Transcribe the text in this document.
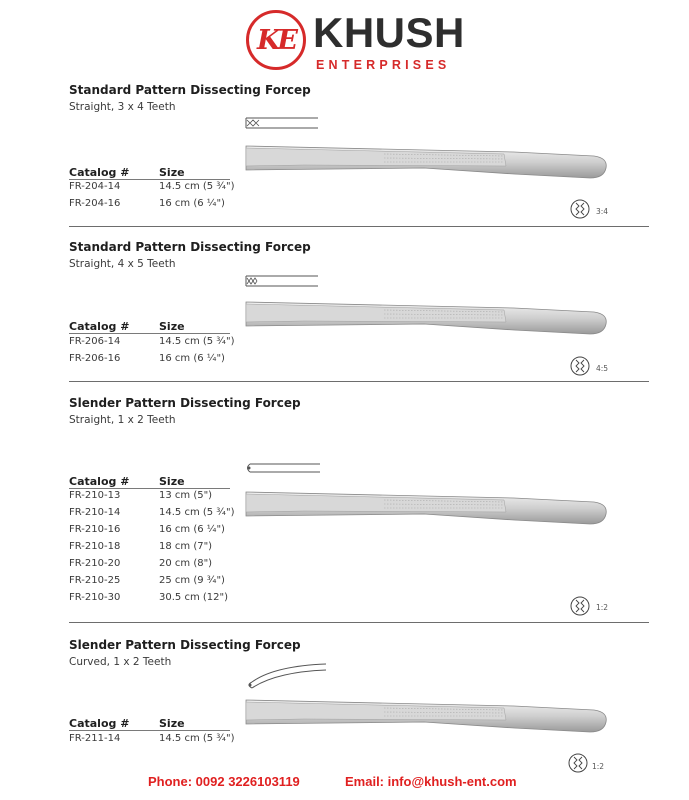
KE KHUSH
ENTERPRISES
Standard Pattern Dissecting Forcep
Straight, 3 x 4 Teeth
Catalog #	Size
FR-204-14	14.5 cm (5 ¾")
FR-204-16	16 cm (6 ¼")
3:4
Standard Pattern Dissecting Forcep
Straight, 4 x 5 Teeth
Catalog #	Size
FR-206-14	14.5 cm (5 ¾")
FR-206-16	16 cm (6 ¼")
4:5
Slender Pattern Dissecting Forcep
Straight, 1 x 2 Teeth
Catalog #	Size
FR-210-13	13 cm (5")
FR-210-14	14.5 cm (5 ¾")
FR-210-16	16 cm (6 ¼")
FR-210-18	18 cm (7")
FR-210-20	20 cm (8")
FR-210-25	25 cm (9 ¾")
FR-210-30	30.5 cm (12")
1:2
Slender Pattern Dissecting Forcep
Curved, 1 x 2 Teeth
Catalog #	Size
FR-211-14	14.5 cm (5 ¾")
1:2
Phone: 0092 3226103119	Email: info@khush-ent.com
